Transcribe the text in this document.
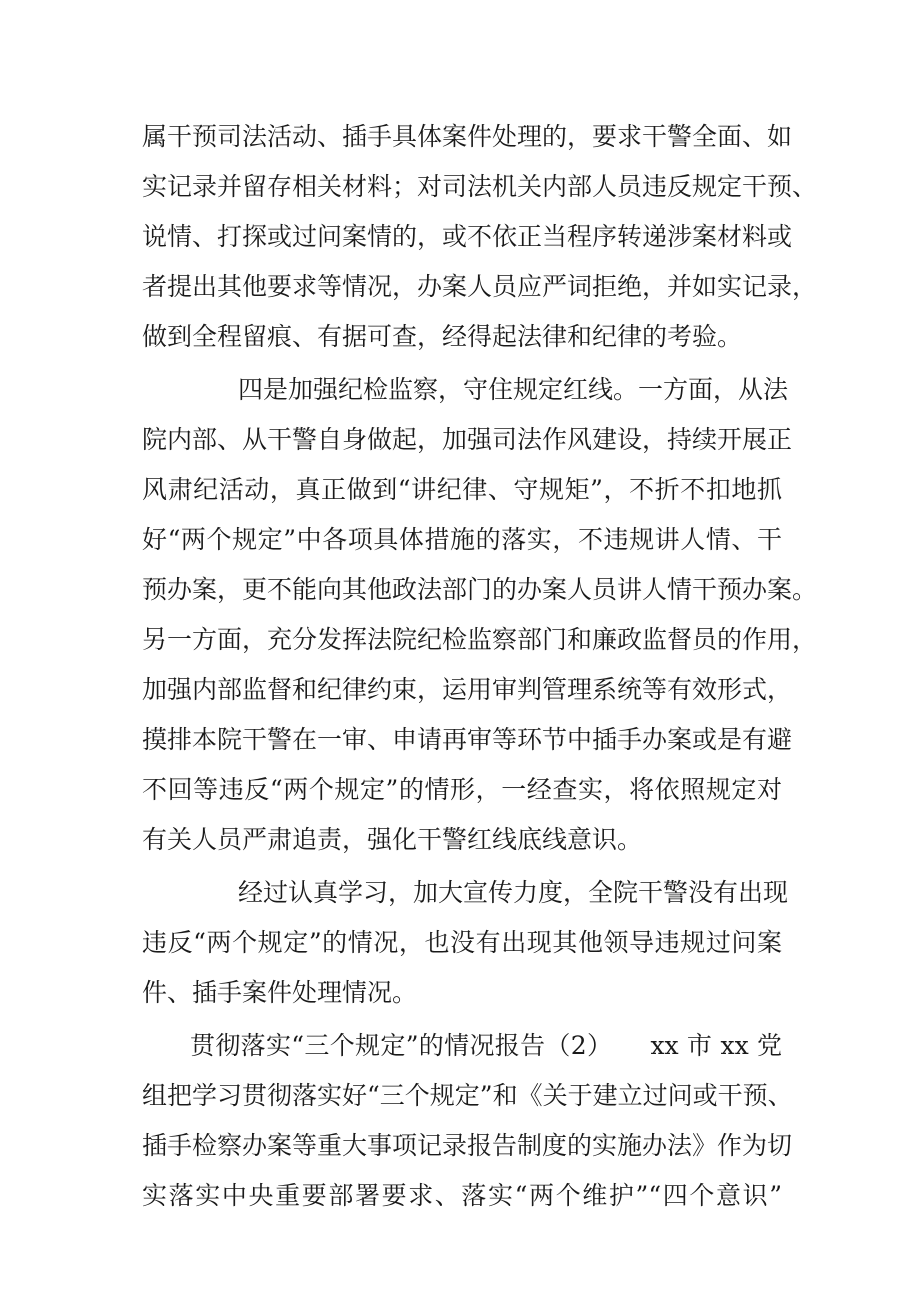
属干预司法活动、插手具体案件处理的，要求干警全面、如
实记录并留存相关材料；对司法机关内部人员违反规定干预、
说情、打探或过问案情的，或不依正当程序转递涉案材料或
者提出其他要求等情况，办案人员应严词拒绝，并如实记录，
做到全程留痕、有据可查，经得起法律和纪律的考验。
四是加强纪检监察，守住规定红线。一方面，从法
院内部、从干警自身做起，加强司法作风建设，持续开展正
风肃纪活动，真正做到“讲纪律、守规矩”，不折不扣地抓
好“两个规定”中各项具体措施的落实，不违规讲人情、干
预办案，更不能向其他政法部门的办案人员讲人情干预办案。
另一方面，充分发挥法院纪检监察部门和廉政监督员的作用，
加强内部监督和纪律约束，运用审判管理系统等有效形式，
摸排本院干警在一审、申请再审等环节中插手办案或是有避
不回等违反“两个规定”的情形，一经查实，将依照规定对
有关人员严肃追责，强化干警红线底线意识。
经过认真学习，加大宣传力度，全院干警没有出现
违反“两个规定”的情况，也没有出现其他领导违规过问案
件、插手案件处理情况。
贯彻落实“三个规定”的情况报告（2）　　xx 市 xx 党
组把学习贯彻落实好“三个规定”和《关于建立过问或干预、
插手检察办案等重大事项记录报告制度的实施办法》作为切
实落实中央重要部署要求、落实“两个维护”“四个意识”
